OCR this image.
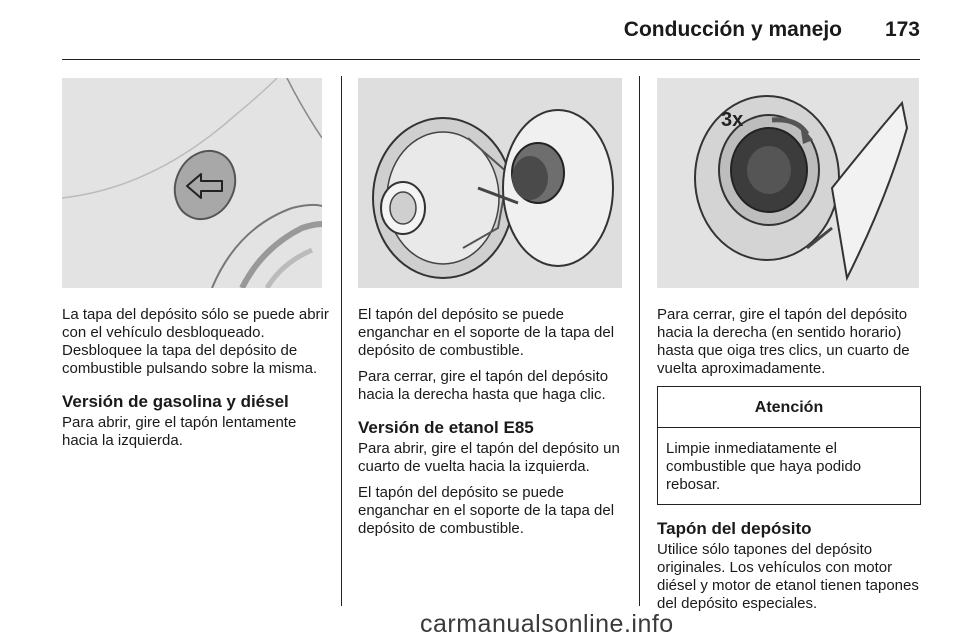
Conducción y manejo 173
3x

La tapa del depósito sólo se puede abrir con el vehículo desbloqueado. Desbloquee la tapa del depósito de combustible pulsando sobre la misma.

Versión de gasolina y diésel

Para abrir, gire el tapón lentamente hacia la izquierda.

El tapón del depósito se puede enganchar en el soporte de la tapa del depósito de combustible.

Para cerrar, gire el tapón del depósito hacia la derecha hasta que haga clic.

Versión de etanol E85

Para abrir, gire el tapón del depósito un cuarto de vuelta hacia la izquierda.

El tapón del depósito se puede enganchar en el soporte de la tapa del depósito de combustible.

Para cerrar, gire el tapón del depósito hacia la derecha (en sentido horario) hasta que oiga tres clics, un cuarto de vuelta aproximadamente.

Atención
Limpie inmediatamente el combustible que haya podido rebosar.
Tapón del depósito

Utilice sólo tapones del depósito originales. Los vehículos con motor diésel y motor de etanol tienen tapones del depósito especiales.

carmanualsonline.info
